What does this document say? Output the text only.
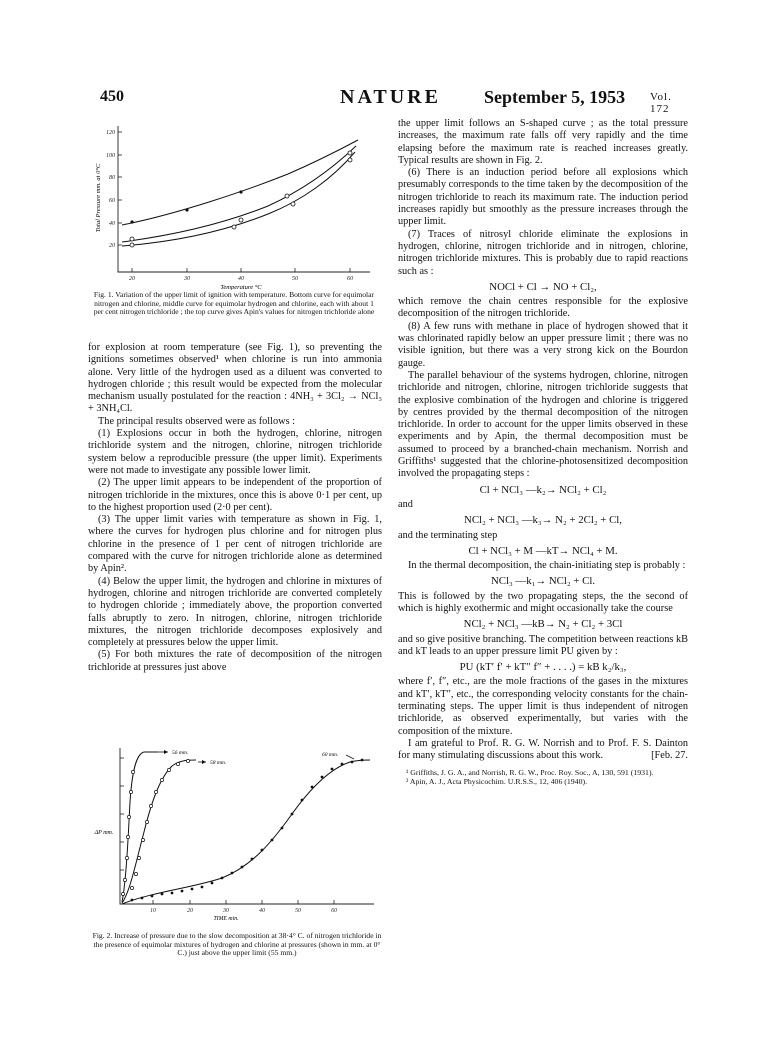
450	NATURE September 5, 1953 Vol. 172
120
100
80
60
40
20
20	30	40	50	60
Temperature °C
Total Pressure mm. at 0°C
Fig. 1. Variation of the upper limit of ignition with temperature. Bottom curve for equimolar nitrogen and chlorine, middle curve for equimolar hydrogen and chlorine, each with about 1 per cent nitrogen trichloride ; the top curve gives Apin's values for nitrogen trichloride alone

for explosion at room temperature (see Fig. 1), so preventing the ignitions sometimes observed¹ when chlorine is run into ammonia alone. Very little of the hydrogen used as a diluent was converted to hydrogen chloride ; this result would be expected from the molecular mechanism usually postulated for the reaction : 4NH₃ + 3Cl₂ → NCl₃ + 3NH₄Cl.

The principal results observed were as follows :

(1) Explosions occur in both the hydrogen, chlorine, nitrogen trichloride system and the nitrogen, chlorine, nitrogen trichloride system below a reproducible pressure (the upper limit). Experiments were not made to investigate any possible lower limit.

(2) The upper limit appears to be independent of the proportion of nitrogen trichloride in the mixtures, once this is above 0·1 per cent, up to the highest proportion used (2·0 per cent).

(3) The upper limit varies with temperature as shown in Fig. 1, where the curves for hydrogen plus chlorine and for nitrogen plus chlorine in the presence of 1 per cent of nitrogen trichloride are compared with the curve for nitrogen trichloride alone as determined by Apin².

(4) Below the upper limit, the hydrogen and chlorine in mixtures of hydrogen, chlorine and nitrogen trichloride are converted completely to hydrogen chloride ; immediately above, the proportion converted falls abruptly to zero. In nitrogen, chlorine, nitrogen trichloride mixtures, the nitrogen trichloride decomposes explosively and completely at pressures below the upper limit.

(5) For both mixtures the rate of decomposition of the nitrogen trichloride at pressures just above

10	20	30	40	50	60
TIME min.
ΔP mm.
56 mm.
58 mm.
60 mm.
Fig. 2. Increase of pressure due to the slow decomposition at 38·4° C. of nitrogen trichloride in the presence of equimolar mixtures of hydrogen and chlorine at pressures (shown in mm. at 0° C.) just above the upper limit (55 mm.)

the upper limit follows an S-shaped curve ; as the total pressure increases, the maximum rate falls off very rapidly and the time elapsing before the maximum rate is reached increases greatly. Typical results are shown in Fig. 2.

(6) There is an induction period before all explosions which presumably corresponds to the time taken by the decomposition of the nitrogen trichloride to reach its maximum rate. The induction period increases rapidly but smoothly as the pressure increases through the upper limit.

(7) Traces of nitrosyl chloride eliminate the explosions in hydrogen, chlorine, nitrogen trichloride and in nitrogen, chlorine, nitrogen trichloride mixtures. This is probably due to rapid reactions such as :

NOCl + Cl → NO + Cl₂,

which remove the chain centres responsible for the explosive decomposition of the nitrogen trichloride.

(8) A few runs with methane in place of hydrogen showed that it was chlorinated rapidly below an upper pressure limit ; there was no visible ignition, but there was a very strong kick on the Bourdon gauge.

The parallel behaviour of the systems hydrogen, chlorine, nitrogen trichloride and nitrogen, chlorine, nitrogen trichloride suggests that the explosive combination of the hydrogen and chlorine is triggered by centres provided by the thermal decomposition of the nitrogen trichloride. In order to account for the upper limits observed in these experiments and by Apin, the thermal decomposition must be assumed to proceed by a branched-chain mechanism. Norrish and Griffiths¹ suggested that the chlorine-photosensitized decomposition involved the propagating steps :

Cl + NCl₃ —k₂→ NCl₂ + Cl₂

and

NCl₂ + NCl₃ —k₃→ N₂ + 2Cl₂ + Cl,

and the terminating step

Cl + NCl₃ + M —kT→ NCl₄ + M.

In the thermal decomposition, the chain-initiating step is probably :

NCl₃ —k₁→ NCl₂ + Cl.

This is followed by the two propagating steps, the the second of which is highly exothermic and might occasionally take the course

NCl₂ + NCl₃ —kB→ N₂ + Cl₂ + 3Cl

and so give positive branching. The competition between reactions kB and kT leads to an upper pressure limit PU given by :

PU (kT′ f′ + kT″ f″ + . . . .) = kB k₂/k₃,

where f′, f″, etc., are the mole fractions of the gases in the mixtures and kT′, kT″, etc., the corresponding velocity constants for the chain-terminating steps. The upper limit is thus independent of nitrogen trichloride, as observed experimentally, but varies with the composition of the mixture.

I am grateful to Prof. R. G. W. Norrish and to Prof. F. S. Dainton for many stimulating discussions about this work.	[Feb. 27.

¹ Griffiths, J. G. A., and Norrish, R. G. W., Proc. Roy. Soc., A, 130, 591 (1931).

² Apin, A. J., Acta Physicochim. U.R.S.S., 12, 406 (1940).
